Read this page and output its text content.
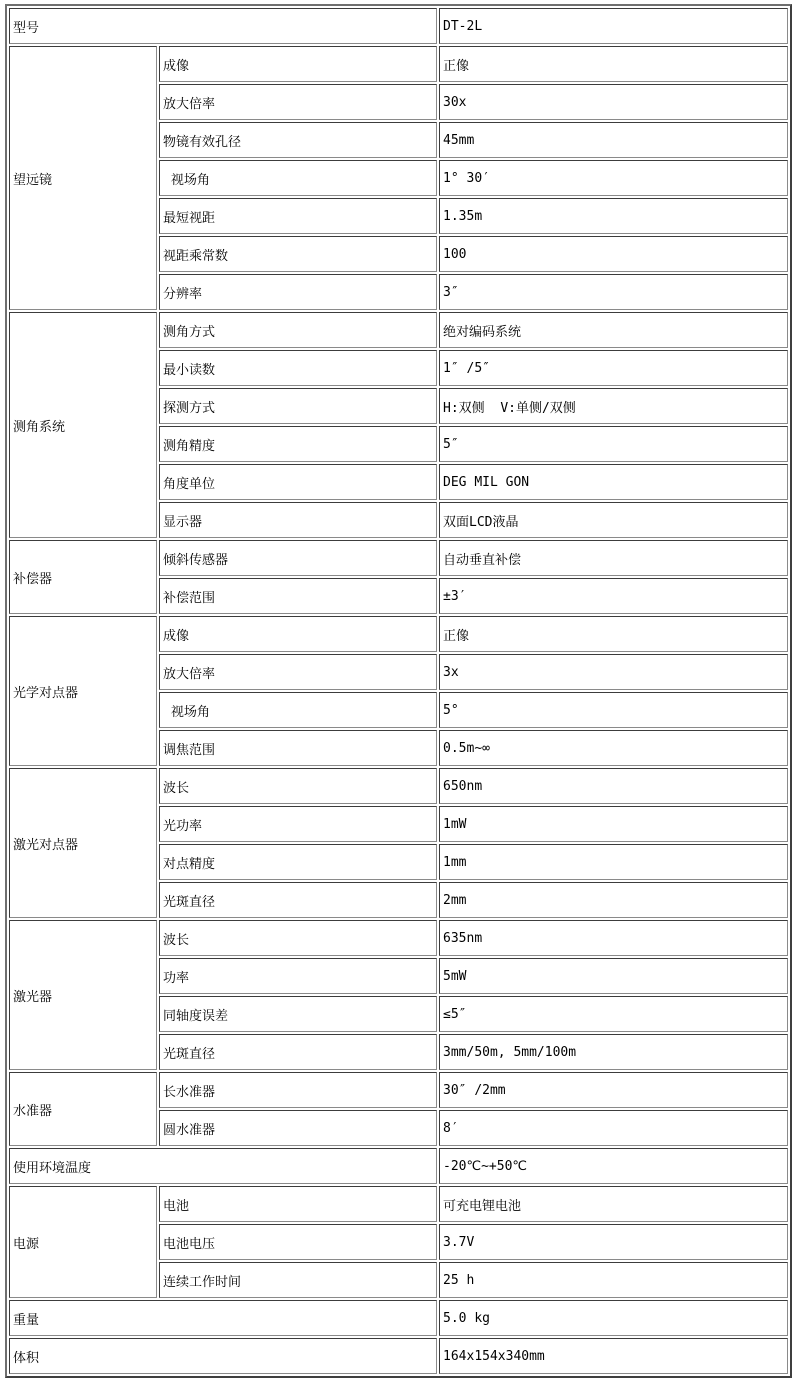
型号		DT-2L
望远镜	成像	正像
	放大倍率	30x
	物镜有效孔径	45mm
	视场角	1° 30′
	最短视距	1.35m
	视距乘常数	100
	分辨率	3″
测角系统	测角方式	绝对编码系统
	最小读数	1″ /5″
	探测方式	H:双侧  V:单侧/双侧
	测角精度	5″
	角度单位	DEG MIL GON
	显示器	双面LCD液晶
补偿器	倾斜传感器	自动垂直补偿
	补偿范围	±3′
光学对点器	成像	正像
	放大倍率	3x
	视场角	5°
	调焦范围	0.5m~∞
激光对点器	波长	650nm
	光功率	1mW
	对点精度	1mm
	光斑直径	2mm
激光器	波长	635nm
	功率	5mW
	同轴度误差	≤5″
	光斑直径	3mm/50m, 5mm/100m
水准器	长水准器	30″ /2mm
	圆水准器	8′
使用环境温度		-20℃~+50℃
电源	电池	可充电锂电池
	电池电压	3.7V
	连续工作时间	25 h
重量		5.0 kg
体积		164x154x340mm
